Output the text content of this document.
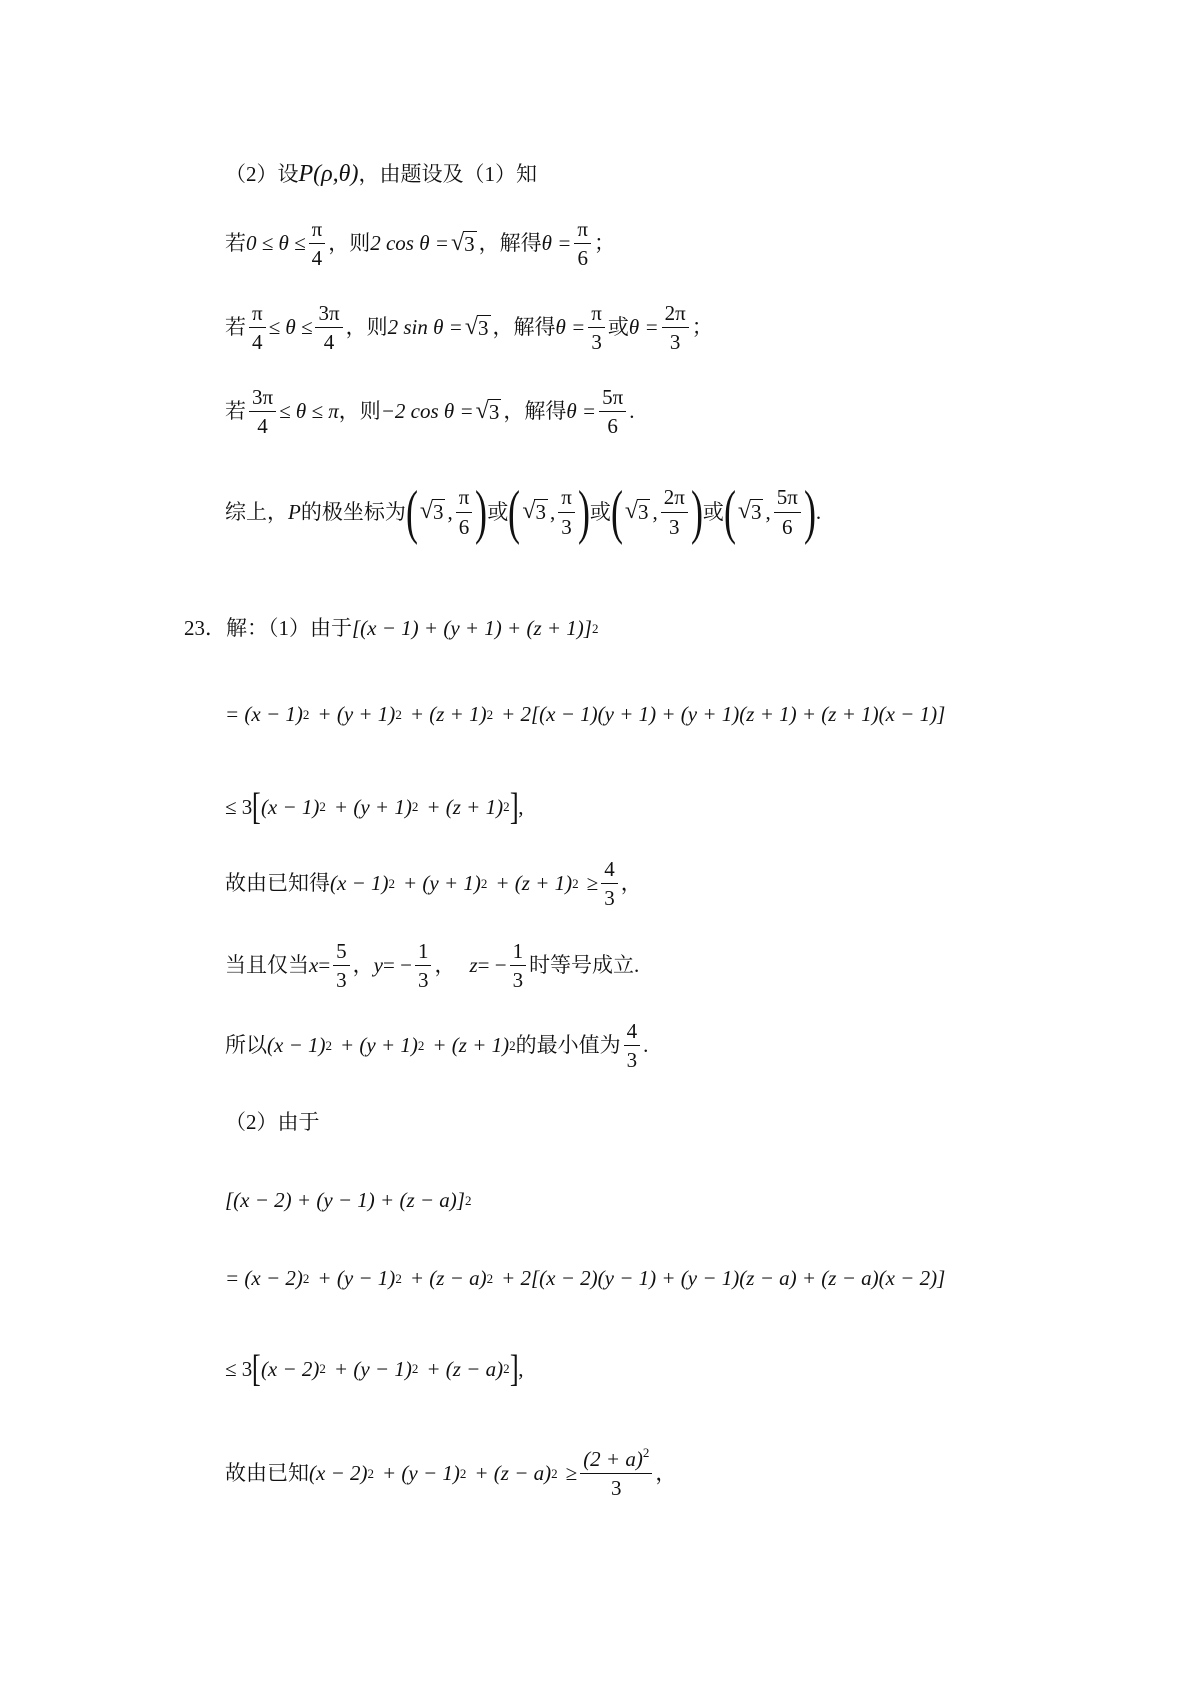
（2）设 P(ρ,θ) ，由题设及（1）知
若 $0 \le \theta \le \frac{\pi}{4}$ ，则 2 cos θ = √ 3 ，解得 $\theta = \frac{\pi}{6}$ ；
若 $\frac{\pi}{4} \le \theta \le \frac{3\pi}{4}$ ，则 2 sin θ = √ 3 ，解得 $\theta = \frac{\pi}{3}$ 或 $\theta = \frac{2\pi}{3}$ ；
若 $\frac{3\pi}{4} \le \theta \le \pi$ ，则 −2 cos θ = √ 3 ，解得 $\theta = \frac{5\pi}{6}$ .
综上， P 的极坐标为 ( √ 3 , $\frac{\pi}{6}$ ) 或 ( √ 3 , $\frac{\pi}{3}$ ) 或 ( √ 3 , $\frac{2\pi}{3}$ ) 或 ( √ 3 , $\frac{5\pi}{6}$ ) .
23．解：（1）由于 [(x − 1) + (y + 1) + (z + 1)] 2
= (x − 1) 2 + (y + 1) 2 + (z + 1) 2 + 2[(x − 1)(y + 1) + (y + 1)(z + 1) + (z + 1)(x − 1)]
≤ 3 [ (x − 1) 2 + (y + 1) 2 + (z + 1) 2 ] ,
故由已知得 (x − 1) 2 + (y + 1) 2 + (z + 1) $2 \ge \frac{4}{3}$ ，
当且仅当 $x = \frac{5}{3}$ ， y = − $\frac{1}{3}$ ， z = − $\frac{1}{3}$ 时等号成立.
所以 (x − 1) 2 + (y + 1) 2 + (z + 1) 2 的最小值为 $\frac{4}{3}$ .
（2）由于
[(x − 2) + (y − 1) + (z − a)] 2
= (x − 2) 2 + (y − 1) 2 + (z − a) 2 + 2[(x − 2)(y − 1) + (y − 1)(z − a) + (z − a)(x − 2)]
≤ 3 [ (x − 2) 2 + (y − 1) 2 + (z − a) 2 ] ,
故由已知 (x − 2) 2 + (y − 1) 2 + (z − a) $2 \ge \frac{(2 + a)^2}{3}$ ，
